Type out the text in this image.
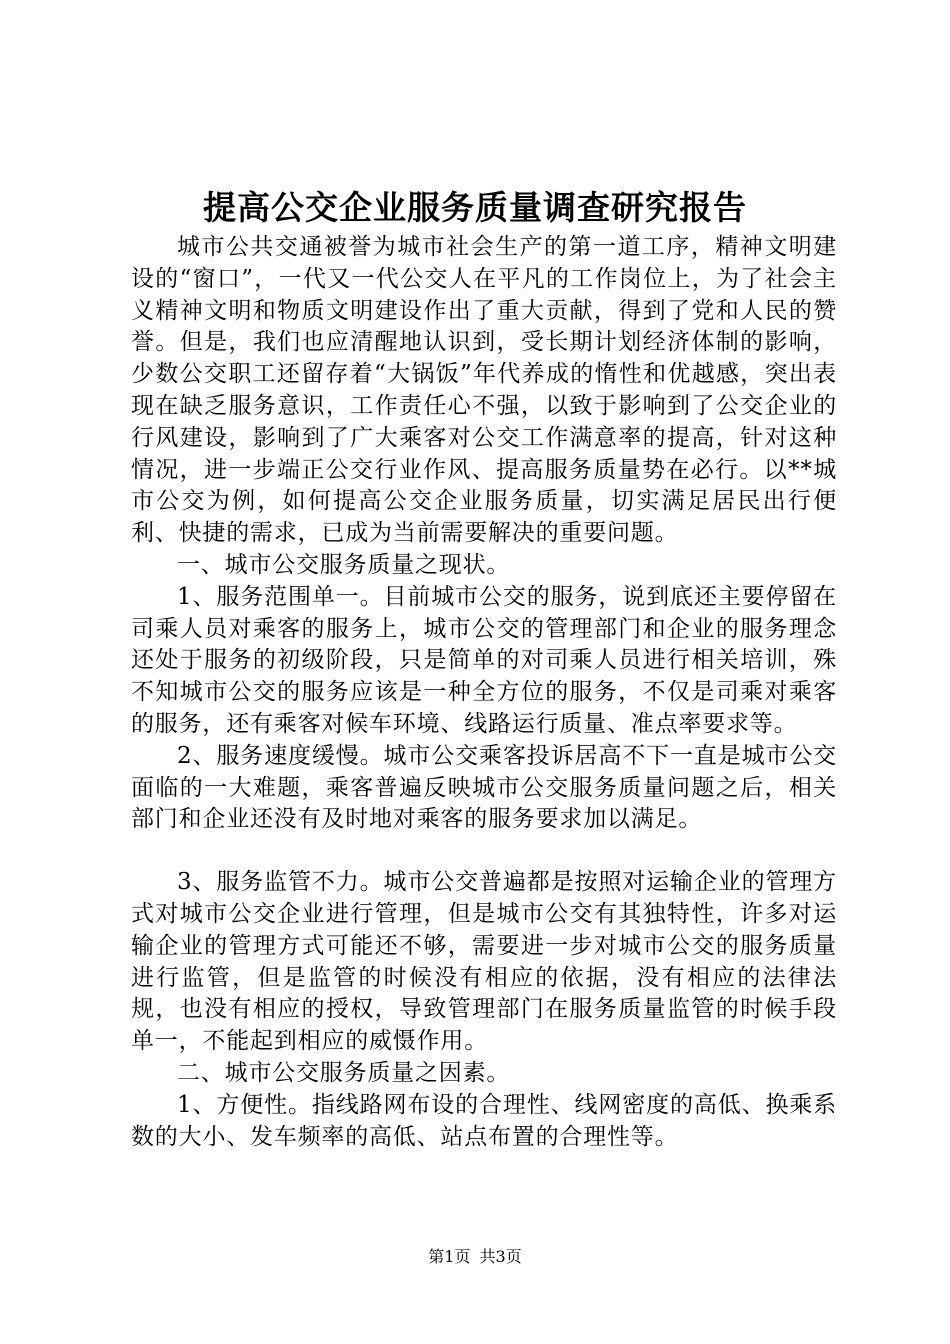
提高公交企业服务质量调查研究报告

城市公共交通被誉为城市社会生产的第一道工序，精神文明建设的“窗口”，一代又一代公交人在平凡的工作岗位上，为了社会主义精神文明和物质文明建设作出了重大贡献，得到了党和人民的赞誉。但是，我们也应清醒地认识到，受长期计划经济体制的影响，少数公交职工还留存着“大锅饭”年代养成的惰性和优越感，突出表现在缺乏服务意识，工作责任心不强，以致于影响到了公交企业的行风建设，影响到了广大乘客对公交工作满意率的提高，针对这种情况，进一步端正公交行业作风、提高服务质量势在必行。以**城市公交为例，如何提高公交企业服务质量，切实满足居民出行便利、快捷的需求，已成为当前需要解决的重要问题。

一、城市公交服务质量之现状。

1、服务范围单一。目前城市公交的服务，说到底还主要停留在司乘人员对乘客的服务上，城市公交的管理部门和企业的服务理念还处于服务的初级阶段，只是简单的对司乘人员进行相关培训，殊不知城市公交的服务应该是一种全方位的服务，不仅是司乘对乘客的服务，还有乘客对候车环境、线路运行质量、准点率要求等。

2、服务速度缓慢。城市公交乘客投诉居高不下一直是城市公交面临的一大难题，乘客普遍反映城市公交服务质量问题之后，相关部门和企业还没有及时地对乘客的服务要求加以满足。

3、服务监管不力。城市公交普遍都是按照对运输企业的管理方式对城市公交企业进行管理，但是城市公交有其独特性，许多对运输企业的管理方式可能还不够，需要进一步对城市公交的服务质量进行监管，但是监管的时候没有相应的依据，没有相应的法律法规，也没有相应的授权，导致管理部门在服务质量监管的时候手段单一，不能起到相应的威慑作用。

二、城市公交服务质量之因素。

1、方便性。指线路网布设的合理性、线网密度的高低、换乘系数的大小、发车频率的高低、站点布置的合理性等。

第1页 共3页
